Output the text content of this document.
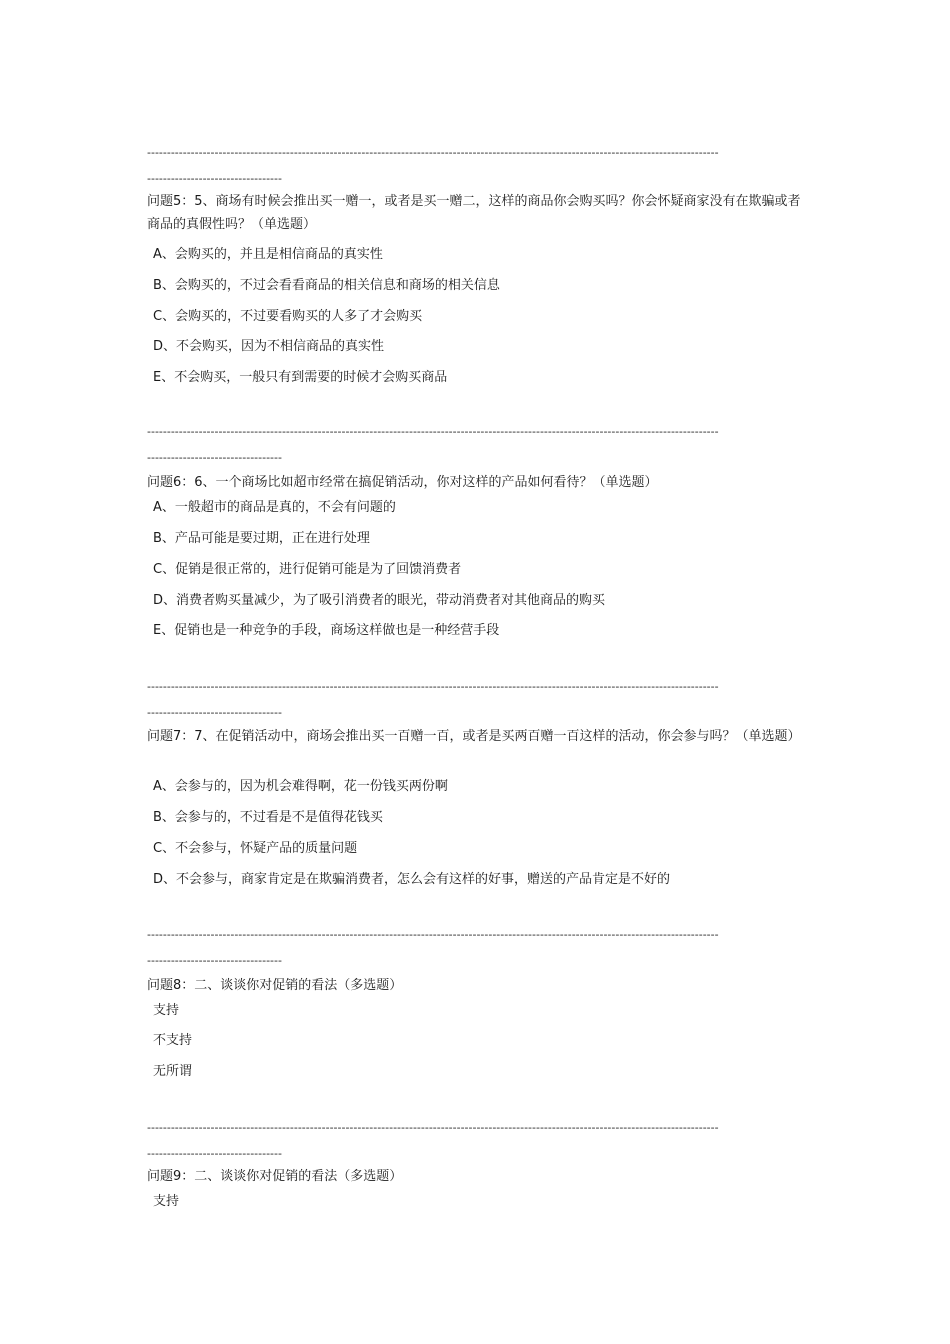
------------------------------------------------------------------------------------------------------------------------------------------------
----------------------------------
问题5：5、商场有时候会推出买一赠一，或者是买一赠二，这样的商品你会购买吗？你会怀疑商家没有在欺骗或者商品的真假性吗？（单选题）
A、会购买的，并且是相信商品的真实性
B、会购买的，不过会看看商品的相关信息和商场的相关信息
C、会购买的，不过要看购买的人多了才会购买
D、不会购买，因为不相信商品的真实性
E、不会购买，一般只有到需要的时候才会购买商品
------------------------------------------------------------------------------------------------------------------------------------------------
----------------------------------
问题6：6、一个商场比如超市经常在搞促销活动，你对这样的产品如何看待？（单选题）
A、一般超市的商品是真的，不会有问题的
B、产品可能是要过期，正在进行处理
C、促销是很正常的，进行促销可能是为了回馈消费者
D、消费者购买量减少，为了吸引消费者的眼光，带动消费者对其他商品的购买
E、促销也是一种竞争的手段，商场这样做也是一种经营手段
------------------------------------------------------------------------------------------------------------------------------------------------
----------------------------------
问题7：7、在促销活动中，商场会推出买一百赠一百，或者是买两百赠一百这样的活动，你会参与吗？（单选题）
A、会参与的，因为机会难得啊，花一份钱买两份啊
B、会参与的，不过看是不是值得花钱买
C、不会参与，怀疑产品的质量问题
D、不会参与，商家肯定是在欺骗消费者，怎么会有这样的好事，赠送的产品肯定是不好的
------------------------------------------------------------------------------------------------------------------------------------------------
----------------------------------
问题8：二、谈谈你对促销的看法（多选题）
支持
不支持
无所谓
------------------------------------------------------------------------------------------------------------------------------------------------
----------------------------------
问题9：二、谈谈你对促销的看法（多选题）
支持
